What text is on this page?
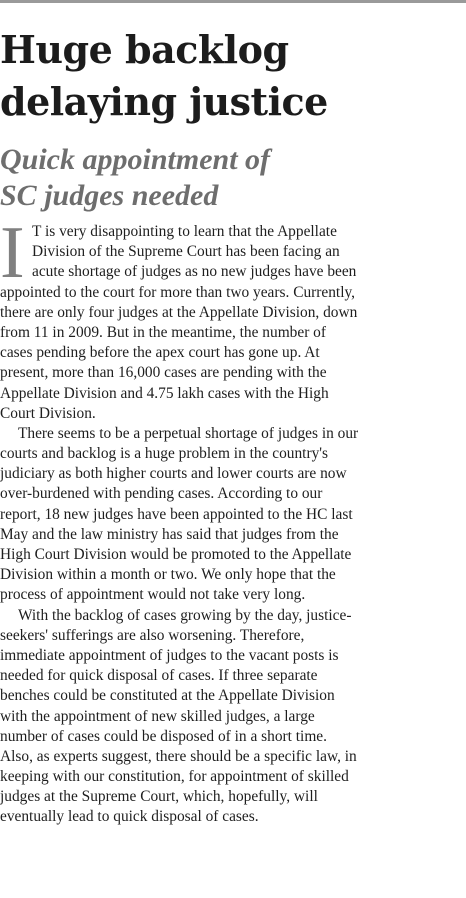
Huge backlog
delaying justice
Quick appointment of
SC judges needed
I T is very disappointing to learn that the Appellate
Division of the Supreme Court has been facing an
acute shortage of judges as no new judges have been
appointed to the court for more than two years. Currently,
there are only four judges at the Appellate Division, down
from 11 in 2009. But in the meantime, the number of
cases pending before the apex court has gone up. At
present, more than 16,000 cases are pending with the
Appellate Division and 4.75 lakh cases with the High
Court Division.
There seems to be a perpetual shortage of judges in our
courts and backlog is a huge problem in the country's
judiciary as both higher courts and lower courts are now
over-burdened with pending cases. According to our
report, 18 new judges have been appointed to the HC last
May and the law ministry has said that judges from the
High Court Division would be promoted to the Appellate
Division within a month or two. We only hope that the
process of appointment would not take very long.
With the backlog of cases growing by the day, justice-
seekers' sufferings are also worsening. Therefore,
immediate appointment of judges to the vacant posts is
needed for quick disposal of cases. If three separate
benches could be constituted at the Appellate Division
with the appointment of new skilled judges, a large
number of cases could be disposed of in a short time.
Also, as experts suggest, there should be a specific law, in
keeping with our constitution, for appointment of skilled
judges at the Supreme Court, which, hopefully, will
eventually lead to quick disposal of cases.
